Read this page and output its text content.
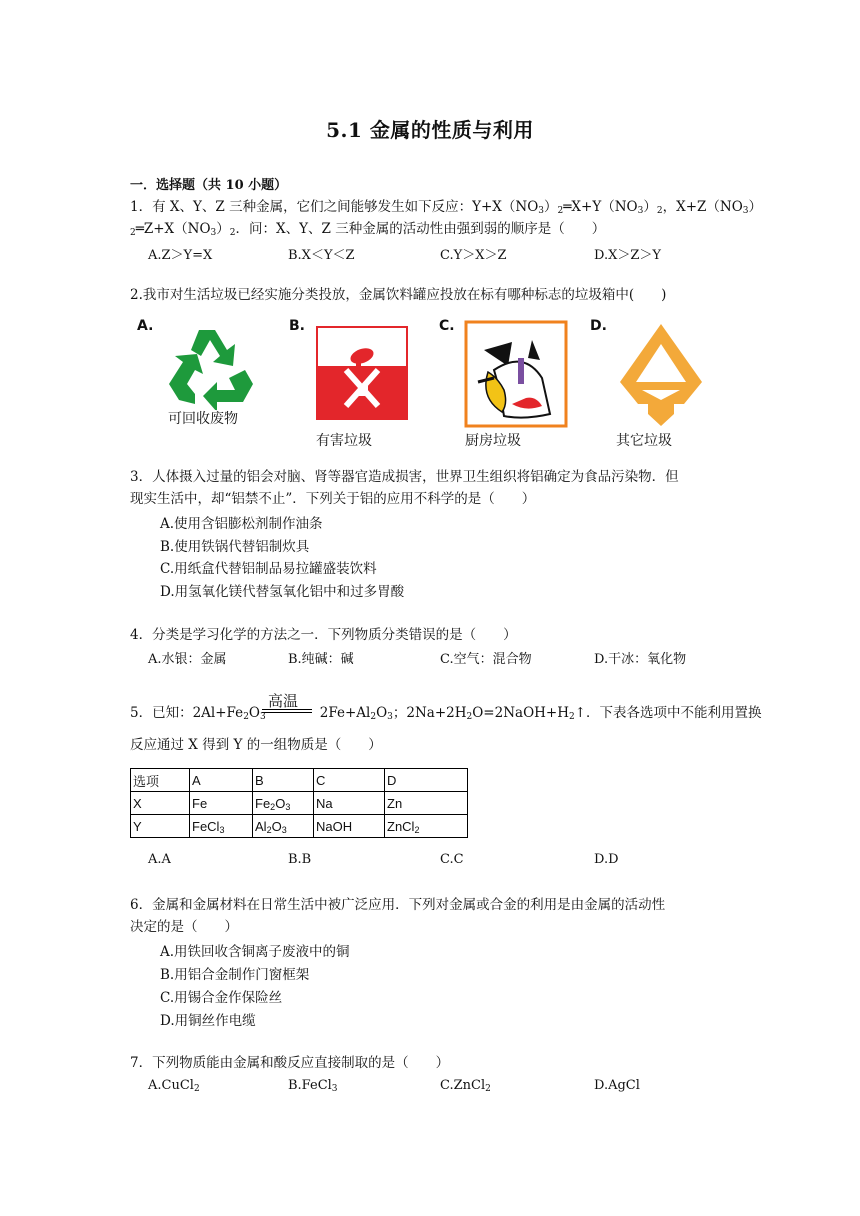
5.1 金属的性质与利用
一．选择题（共 10 小题）
1．有 X、Y、Z 三种金属，它们之间能够发生如下反应：$Y+X(NO_3)_2═X+Y(NO_3)_2$，$X+Z(NO_3)$
$_2═Z+X(NO_3)_2$．问：X、Y、Z 三种金属的活动性由强到弱的顺序是（　　）
A.Z＞Y=X	B.X＜Y＜Z	C.Y＞X＞Z	D.X＞Z＞Y
2.我市对生活垃圾已经实施分类投放，金属饮料罐应投放在标有哪种标志的垃圾箱中(　　)
A.	B.	C.	D.
可回收废物
有害垃圾	厨房垃圾	其它垃圾
3．人体摄入过量的铝会对脑、肾等器官造成损害，世界卫生组织将铝确定为食品污染物．但
现实生活中，却“铝禁不止”．下列关于铝的应用不科学的是（　　）
A.使用含铝膨松剂制作油条
B.使用铁锅代替铝制炊具
C.用纸盒代替铝制品易拉罐盛装饮料
D.用氢氧化镁代替氢氧化铝中和过多胃酸
4．分类是学习化学的方法之一．下列物质分类错误的是（　　）
A.水银：金属	B.纯碱：碱	C.空气：混合物	D.干冰：氧化物
高温
5．已知：$2Al+Fe_2O_3$	$2Fe+Al_2O_3$；$2Na+2H_2O=2NaOH+H_2↑$．下表各选项中不能利用置换
反应通过 X 得到 Y 的一组物质是（　　）
选项	A	B	C	D
X	Fe	$Fe_2O_3$	Na	Zn
Y	FeCl$_3$	$Al_2O_3$	NaOH	ZnCl$_2$
A.A	B.B	C.C	D.D
6．金属和金属材料在日常生活中被广泛应用．下列对金属或合金的利用是由金属的活动性
决定的是（　　）
A.用铁回收含铜离子废液中的铜
B.用铝合金制作门窗框架
C.用锡合金作保险丝
D.用铜丝作电缆
7．下列物质能由金属和酸反应直接制取的是（　　）
A.CuCl$_2$	B.FeCl$_3$	C.ZnCl$_2$	D.AgCl
